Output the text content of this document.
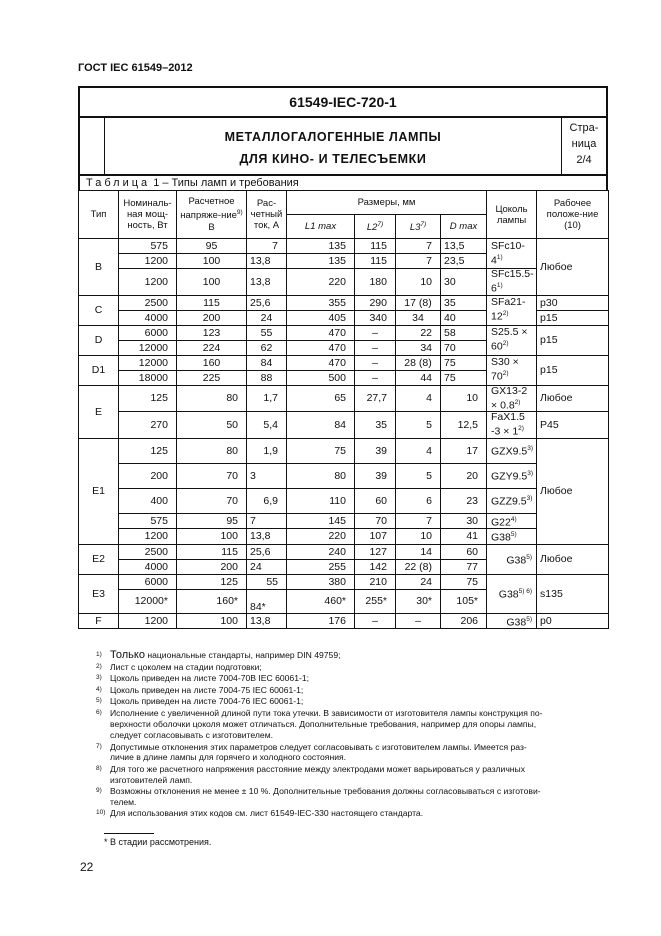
ГОСТ IEC 61549–2012
61549-IEC-720-1
МЕТАЛЛОГАЛОГЕННЫЕ ЛАМПЫ
ДЛЯ КИНО- И ТЕЛЕСЪЕМКИ
Стра-
ница
2/4
Таблица 1 – Типы ламп и требования
Тип	Номиналь-ная мощ-ность, Вт	Расчетное напряже-ние$^{9)}$ В	Рас-четный ток, А	Размеры, мм				Цоколь лампы	Рабочее положе-ние (10)
				L1 max	L2$^{7)}$	L3$^{7)}$	D max		
B	575	95	7	135	115	7	13,5	SFc10-4$^{1)}$	Любое
	1200	100	13,8	135	115	7	23,5		
	1200	100	13,8	220	180	10	30	SFc15.5-6$^{1)}$
C	2500	115	25,6	355	290	17 (8)	35	SFa21-12$^{2)}$	p30
	4000	200	24	405	340	34	40		p15
D	6000	123	55	470	–	22	58	$S25.5 \times 60^{2)}$	p15
	12000	224	62	470	–	34	70		
D1	12000	160	84	470	–	28 (8)	75	$S30 \times 70^{2)}$	p15
	18000	225	88	500	–	44	75		
E	125	80	1,7	65	27,7	4	10	$GX13-2 \times 0.8^{2)}$	Любое
	270	50	5,4	84	35	5	12,5	FaX1.5 $-3 \times 1^{2)}$	P45
E1	125	80	1,9	75	39	4	17	GZX9.5$^{3)}$	Любое
	200	70	3	80	39	5	20	GZY9.5$^{3)}$
	400	70	6,9	110	60	6	23	GZZ9.5$^{3)}$
	575	95	7	145	70	7	30	G22$^{4)}$
	1200	100	13,8	220	107	10	41	G38$^{5)}$
E2	2500	115	25,6	240	127	14	60	G38$^{5)}$	Любое
	4000	200	24	255	142	22 (8)	77		
E3	6000	125	55	380	210	24	75	$G38^{5) 6)}$	s135
	12000*	160*	84*	460*	255*	30*	105*		
F	1200	100	13,8	176	–	–	206	G38$^{5)}$	p0
1) Только национальные стандарты, например DIN 49759;
2) Лист с цоколем на стадии подготовки;
3) Цоколь приведен на листе 7004-70В IEC 60061-1;
4) Цоколь приведен на листе 7004-75 IEC 60061-1;
5) Цоколь приведен на листе 7004-76 IEC 60061-1;
6) Исполнение с увеличенной длиной пути тока утечки. В зависимости от изготовителя лампы конструкция по-
верхности оболочки цоколя может отличаться. Дополнительные требования, например для опоры лампы,
следует согласовывать с изготовителем.
7) Допустимые отклонения этих параметров следует согласовывать с изготовителем лампы. Имеется раз-
личие в длине лампы для горячего и холодного состояния.
8) Для того же расчетного напряжения расстояние между электродами может варьироваться у различных
изготовителей ламп.
9) Возможны отклонения не менее ± 10 %. Дополнительные требования должны согласовываться с изготови-
телем.
10) Для использования этих кодов см. лист 61549-IEC-330 настоящего стандарта.
* В стадии рассмотрения.
22
